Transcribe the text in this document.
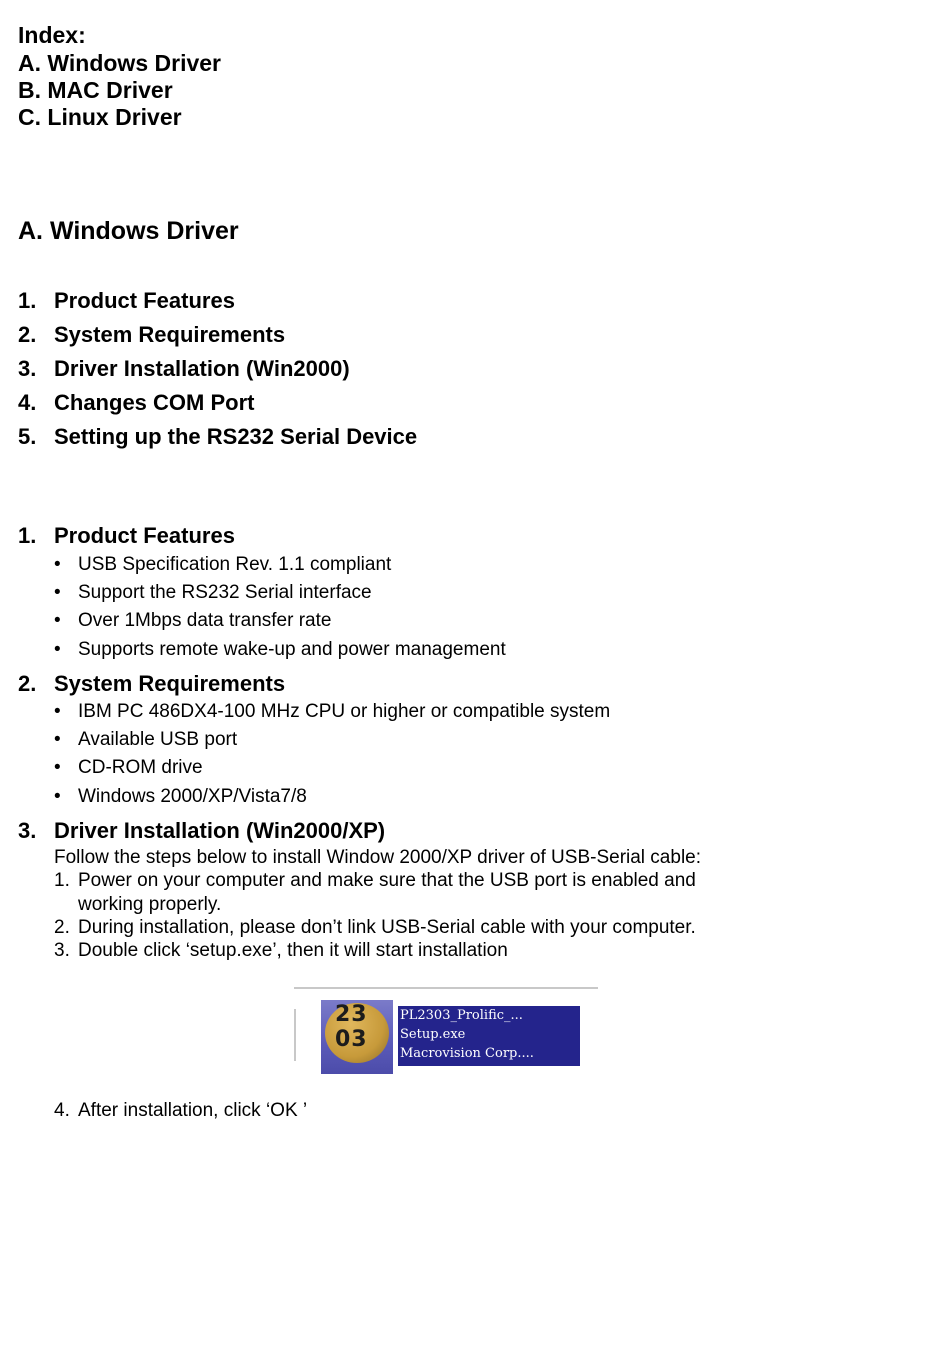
Index:
A. Windows Driver
B. MAC Driver
C. Linux Driver
A. Windows Driver
1. Product Features
2. System Requirements
3. Driver Installation (Win2000)
4. Changes COM Port
5. Setting up the RS232 Serial Device
1. Product Features
• USB Specification Rev. 1.1 compliant
• Support the RS232 Serial interface
• Over 1Mbps data transfer rate
• Supports remote wake-up and power management
2. System Requirements
• IBM PC 486DX4-100 MHz CPU or higher or compatible system
• Available USB port
• CD-ROM drive
• Windows 2000/XP/Vista7/8
3. Driver Installation (Win2000/XP)
Follow the steps below to install Window 2000/XP driver of USB-Serial cable:
1. Power on your computer and make sure that the USB port is enabled and
working properly.
2. During installation, please don’t link USB-Serial cable with your computer.
3. Double click ‘setup.exe’, then it will start installation
23
03
PL2303_Prolific_...
Setup.exe
Macrovision Corp....
4. After installation, click ‘OK ’
